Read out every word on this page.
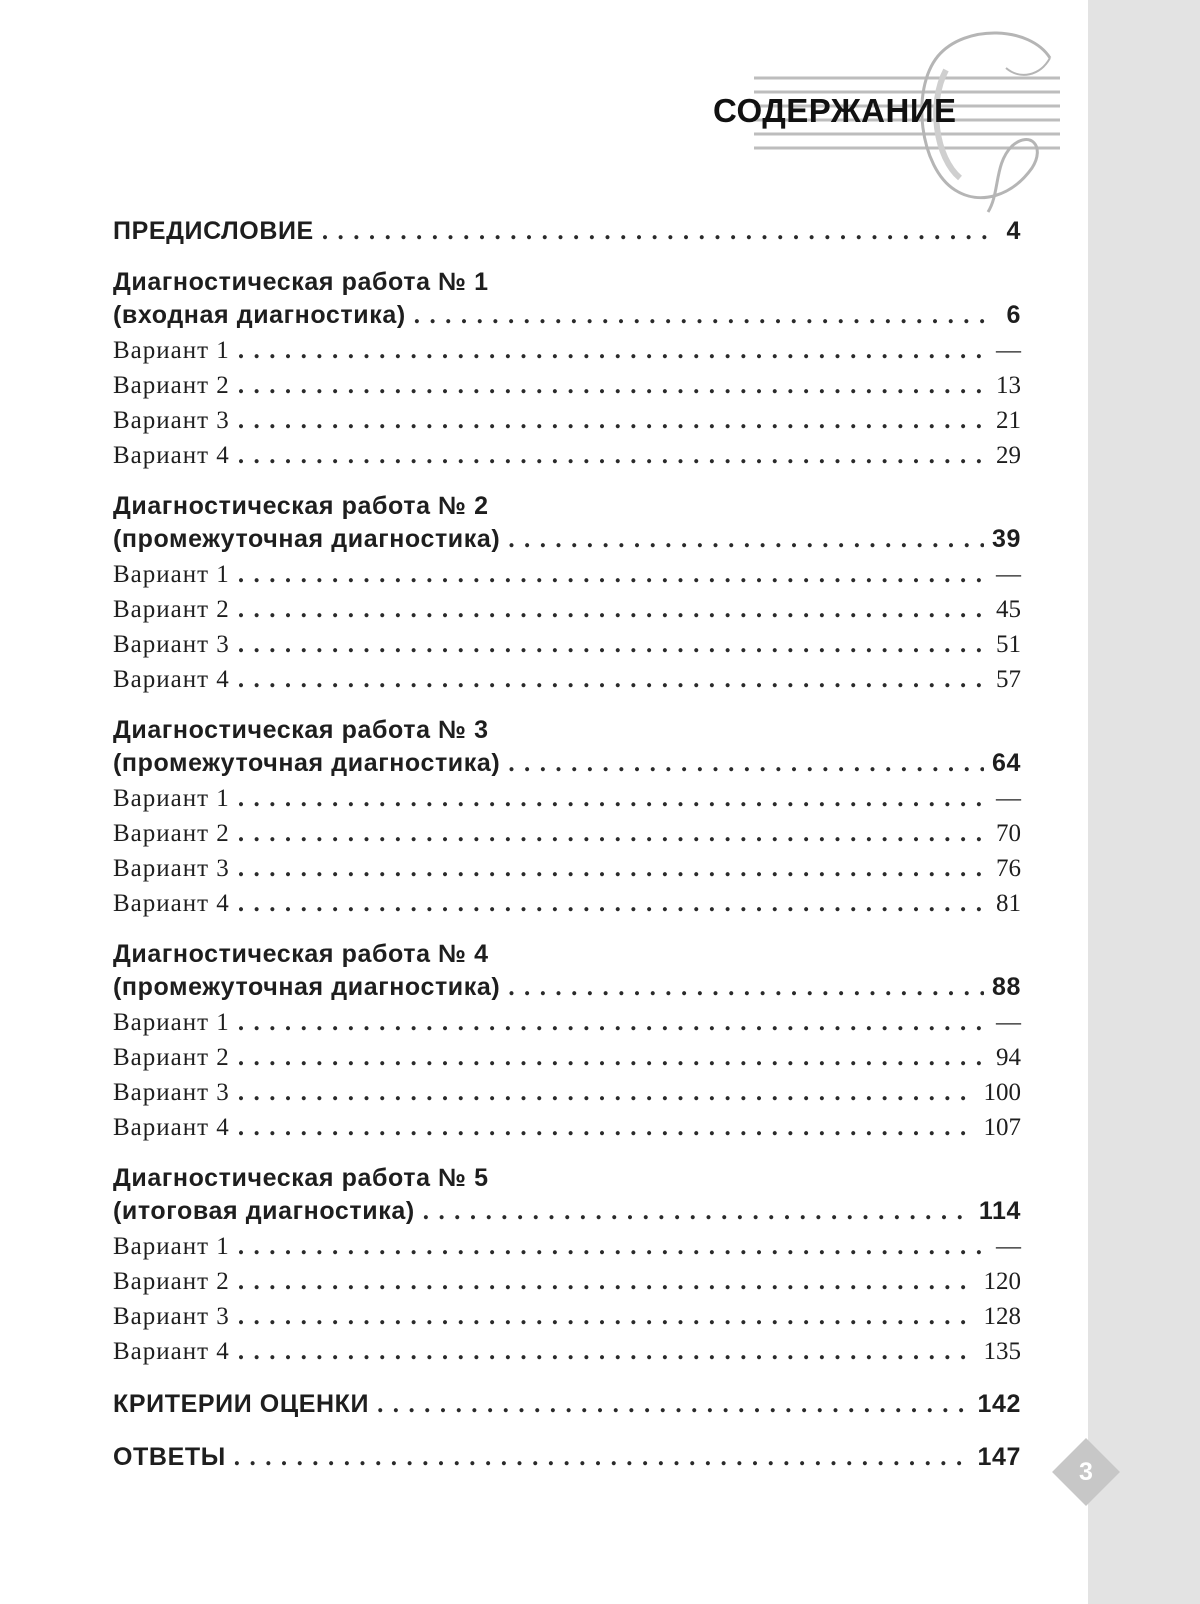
СОДЕРЖАНИЕ
ПРЕДИСЛОВИЕ . . .	4
Диагностическая работа № 1
(входная диагностика) . . .	6
Вариант 1 . . .	—
Вариант 2 . . .	13
Вариант 3 . . .	21
Вариант 4 . . .	29
Диагностическая работа № 2
(промежуточная диагностика) . . .	39
Вариант 1 . . .	—
Вариант 2 . . .	45
Вариант 3 . . .	51
Вариант 4 . . .	57
Диагностическая работа № 3
(промежуточная диагностика) . . .	64
Вариант 1 . . .	—
Вариант 2 . . .	70
Вариант 3 . . .	76
Вариант 4 . . .	81
Диагностическая работа № 4
(промежуточная диагностика) . . .	88
Вариант 1 . . .	—
Вариант 2 . . .	94
Вариант 3 . . .	100
Вариант 4 . . .	107
Диагностическая работа № 5
(итоговая диагностика) . . .	114
Вариант 1 . . .	—
Вариант 2 . . .	120
Вариант 3 . . .	128
Вариант 4 . . .	135
КРИТЕРИИ ОЦЕНКИ . . .	142
ОТВЕТЫ . . .	147
3
